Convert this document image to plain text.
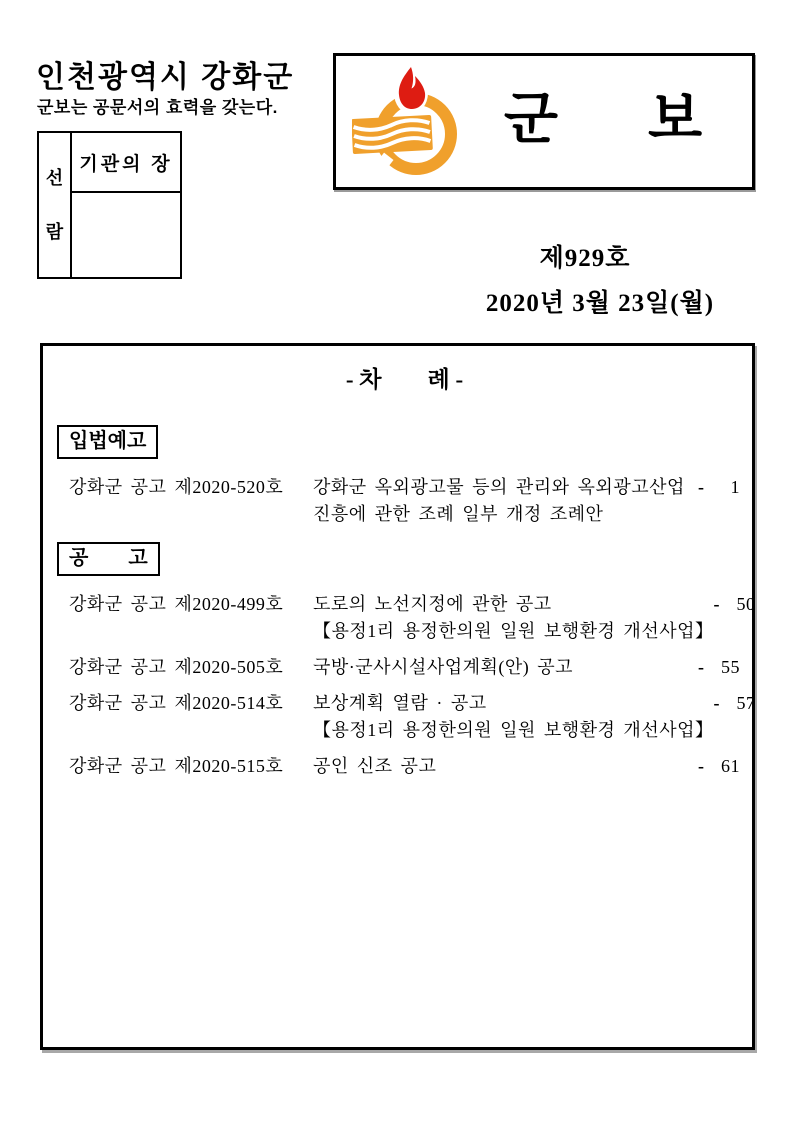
인천광역시 강화군
군보는 공문서의 효력을 갖는다.
선
람
	기관의 장

군 보
제929호
2020년 3월 23일(월)
- 차　　례 -
입법예고
강화군 공고 제2020-520호	강화군 옥외광고물 등의 관리와 옥외광고산업
진흥에 관한 조례 일부 개정 조례안
- 1
공　　고
강화군 공고 제2020-499호	도로의 노선지정에 관한 공고
【용정1리 용정한의원 일원 보행환경 개선사업】
- 50
강화군 공고 제2020-505호	국방·군사시설사업계획(안) 공고	- 55
강화군 공고 제2020-514호	보상계획 열람 · 공고
【용정1리 용정한의원 일원 보행환경 개선사업】
- 57
강화군 공고 제2020-515호	공인 신조 공고	- 61
